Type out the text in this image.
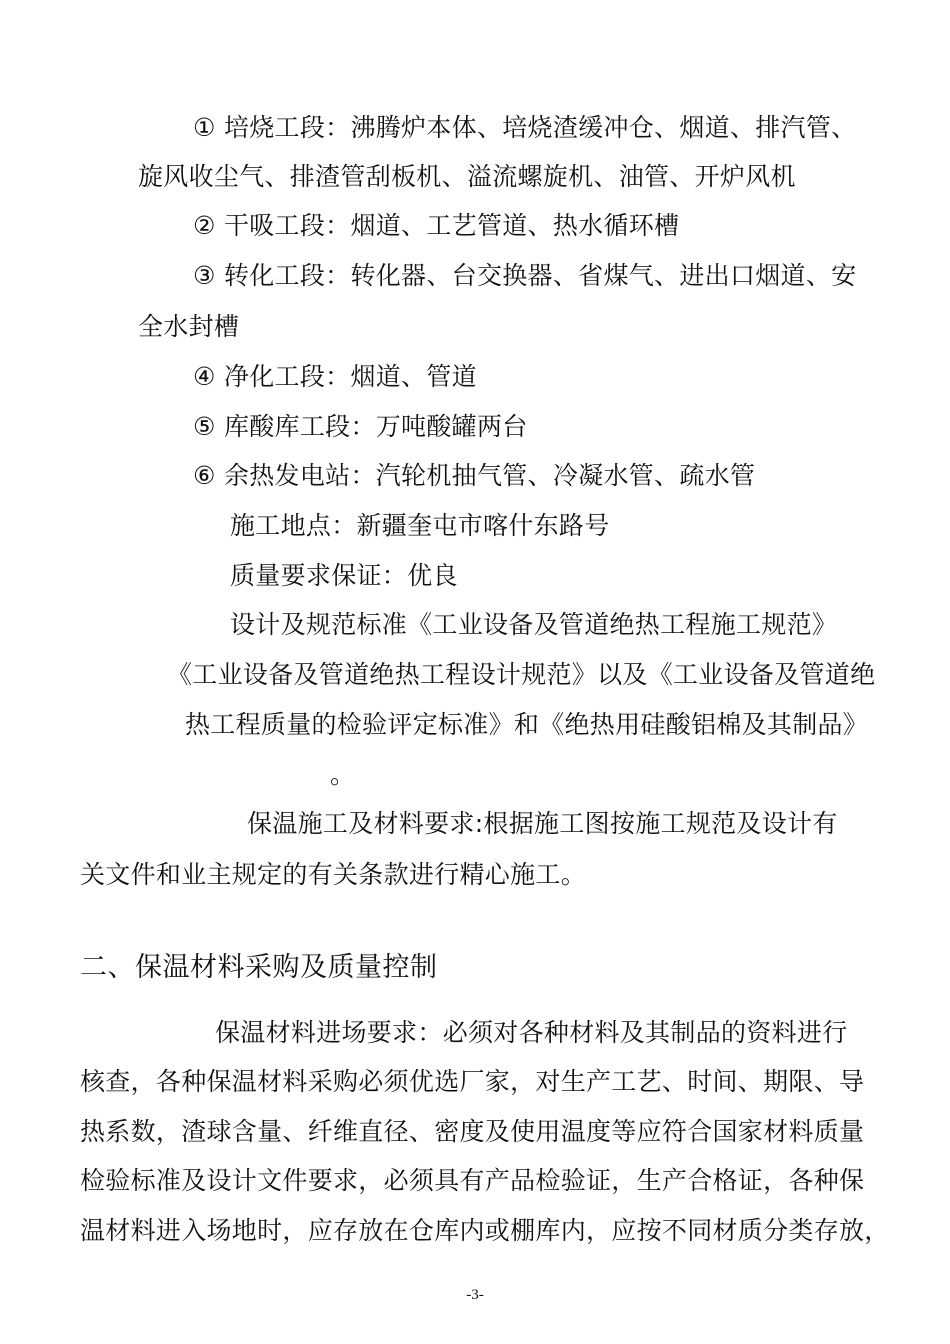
① 培烧工段：沸腾炉本体、培烧渣缓冲仓、烟道、排汽管、
旋风收尘气、排渣管刮板机、溢流螺旋机、油管、开炉风机
② 干吸工段：烟道、工艺管道、热水循环槽
③ 转化工段：转化器、台交换器、省煤气、进出口烟道、安
全水封槽
④ 净化工段：烟道、管道
⑤ 库酸库工段：万吨酸罐两台
⑥ 余热发电站：汽轮机抽气管、冷凝水管、疏水管
施工地点：新疆奎屯市喀什东路号
质量要求保证：优良
设计及规范标准《工业设备及管道绝热工程施工规范》
《工业设备及管道绝热工程设计规范》以及《工业设备及管道绝
热工程质量的检验评定标准》和《绝热用硅酸铝棉及其制品》
。
保温施工及材料要求:根据施工图按施工规范及设计有
关文件和业主规定的有关条款进行精心施工。
二、保温材料采购及质量控制
保温材料进场要求：必须对各种材料及其制品的资料进行
核查，各种保温材料采购必须优选厂家，对生产工艺、时间、期限、导
热系数，渣球含量、纤维直径、密度及使用温度等应符合国家材料质量
检验标准及设计文件要求，必须具有产品检验证，生产合格证，各种保
温材料进入场地时，应存放在仓库内或棚库内，应按不同材质分类存放，
-3-
